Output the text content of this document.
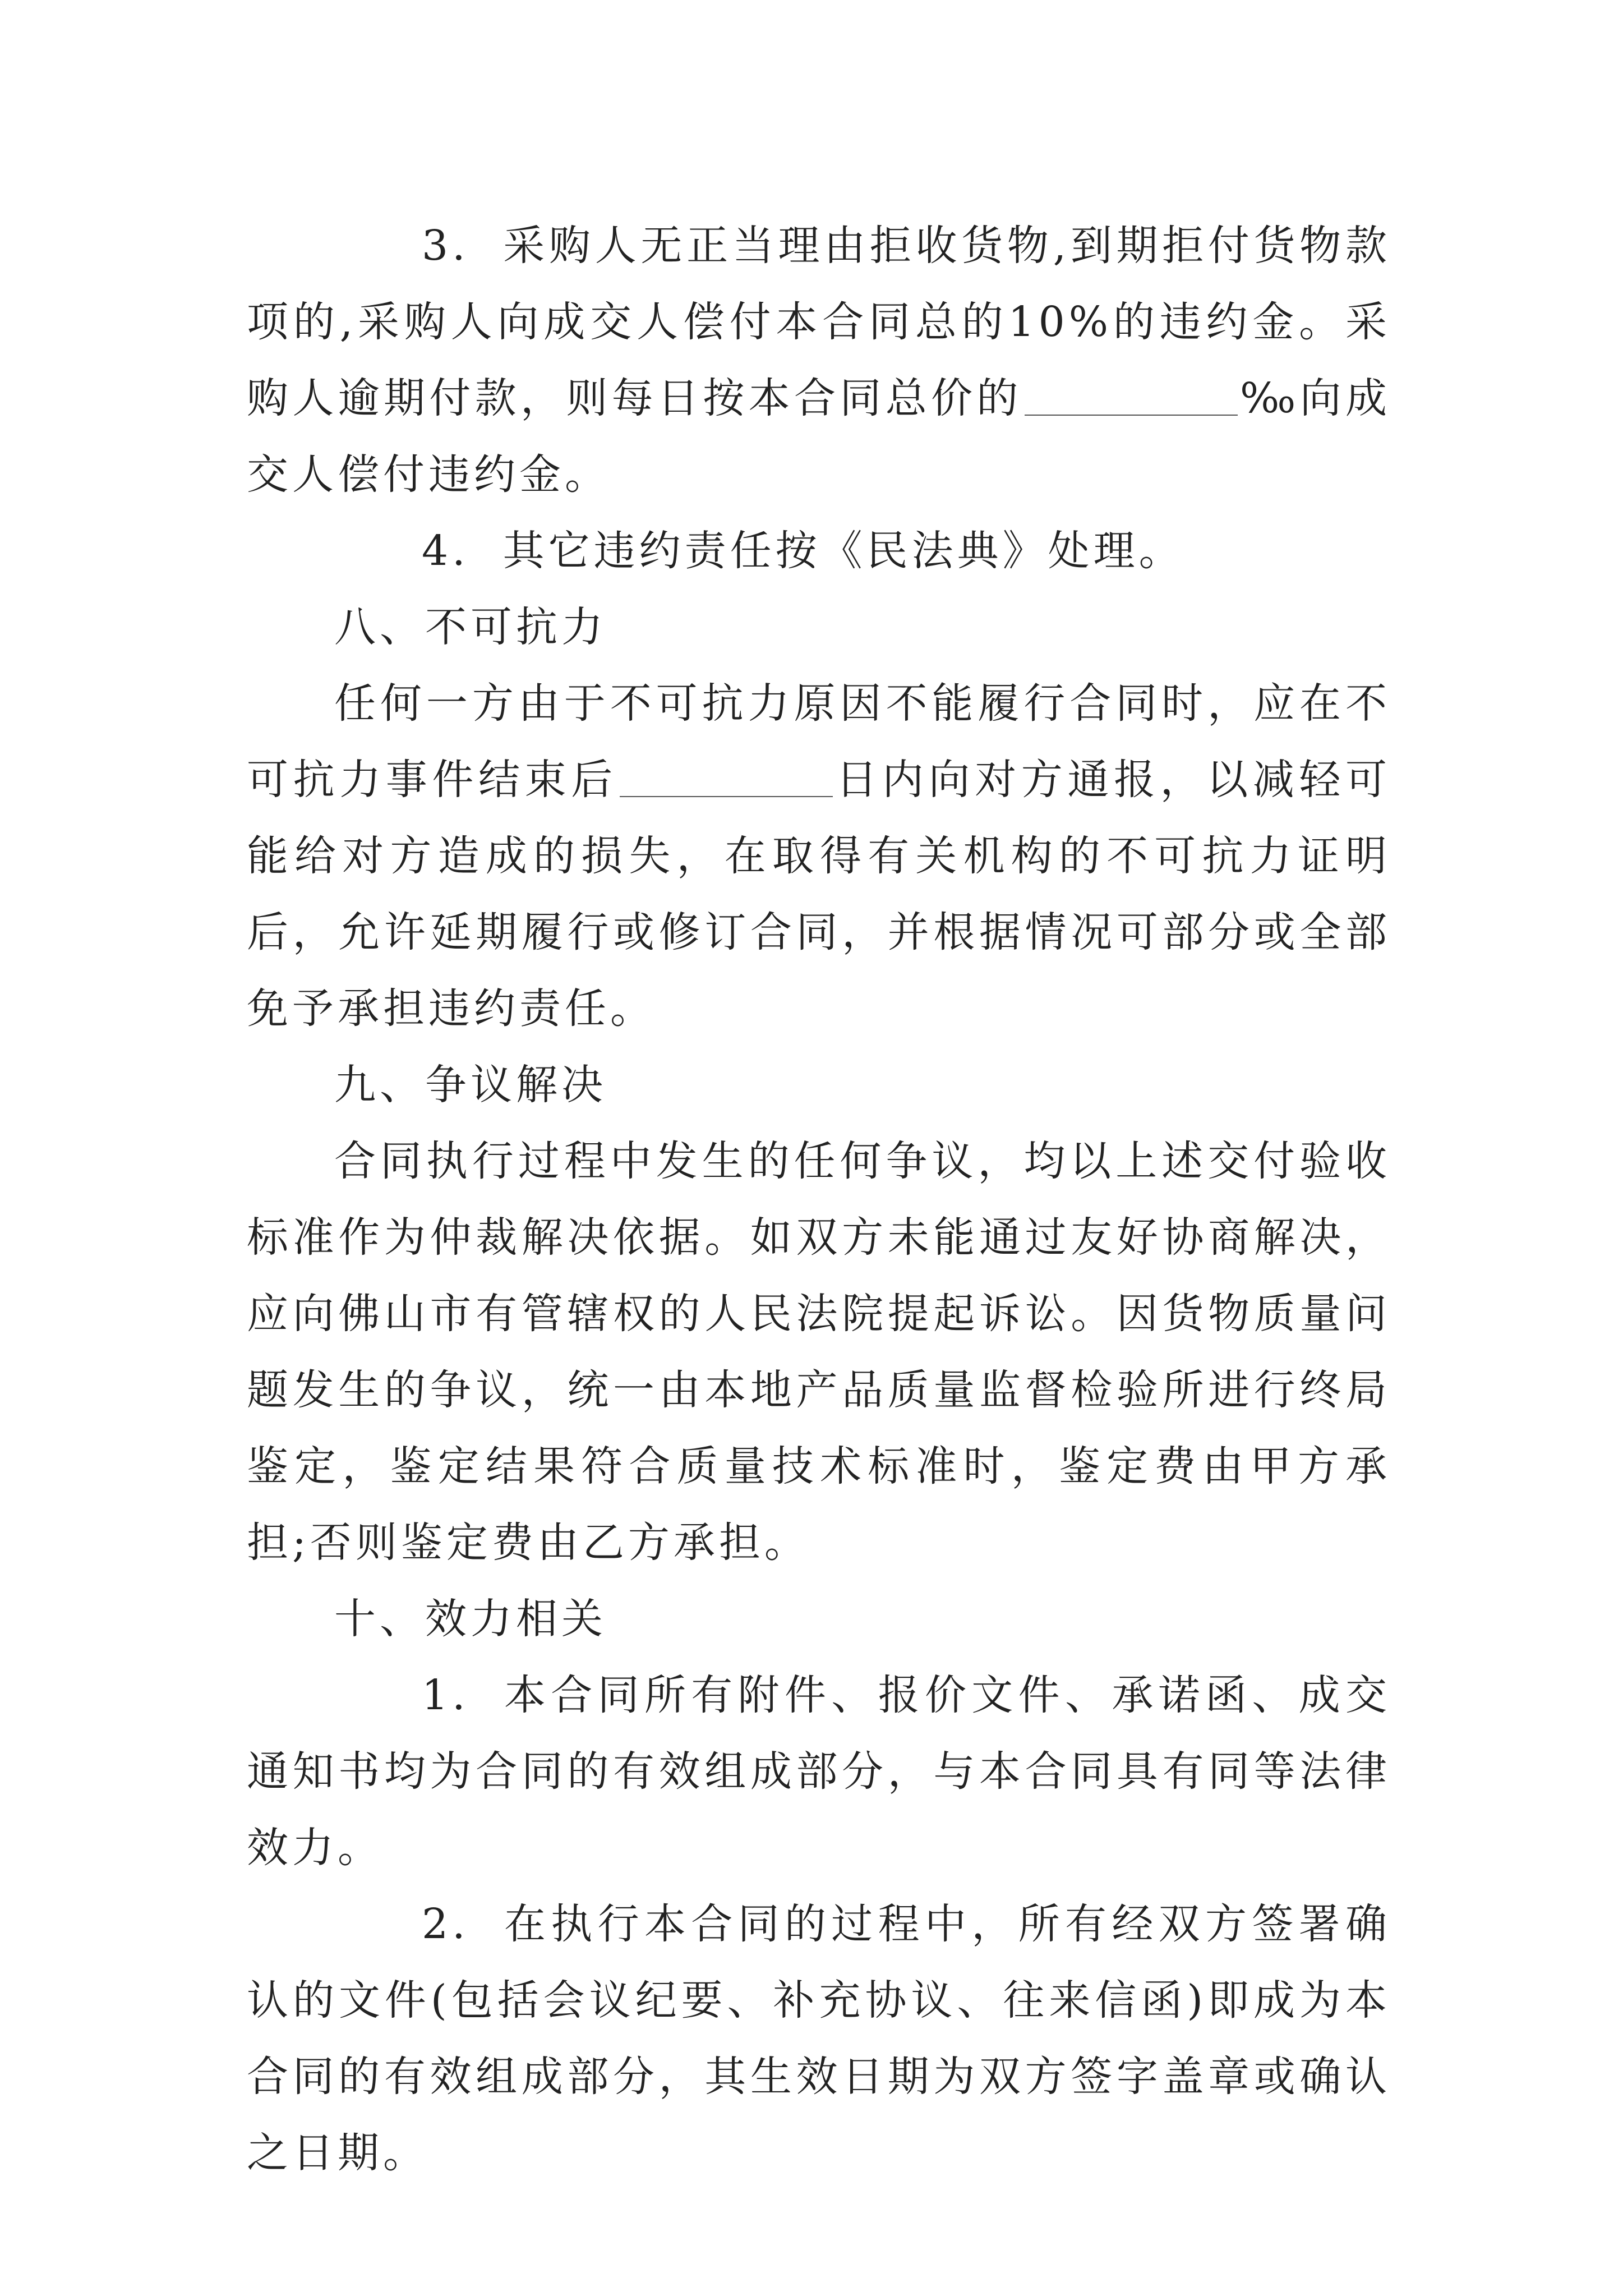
3. 采购人无正当理由拒收货物,到期拒付货物款项的,采购人向成交人偿付本合同总的10%的违约金。采购人逾期付款，则每日按本合同总价的	‰向成交人偿付违约金。

4. 其它违约责任按《民法典》处理。

八、不可抗力

任何一方由于不可抗力原因不能履行合同时，应在不可抗力事件结束后	日内向对方通报，以减轻可能给对方造成的损失，在取得有关机构的不可抗力证明后，允许延期履行或修订合同，并根据情况可部分或全部免予承担违约责任。

九、争议解决

合同执行过程中发生的任何争议，均以上述交付验收标准作为仲裁解决依据。如双方未能通过友好协商解决，应向佛山市有管辖权的人民法院提起诉讼。因货物质量问题发生的争议，统一由本地产品质量监督检验所进行终局鉴定，鉴定结果符合质量技术标准时，鉴定费由甲方承担;否则鉴定费由乙方承担。

十、效力相关

1. 本合同所有附件、报价文件、承诺函、成交通知书均为合同的有效组成部分，与本合同具有同等法律效力。

2. 在执行本合同的过程中，所有经双方签署确认的文件(包括会议纪要、补充协议、往来信函)即成为本合同的有效组成部分，其生效日期为双方签字盖章或确认之日期。
